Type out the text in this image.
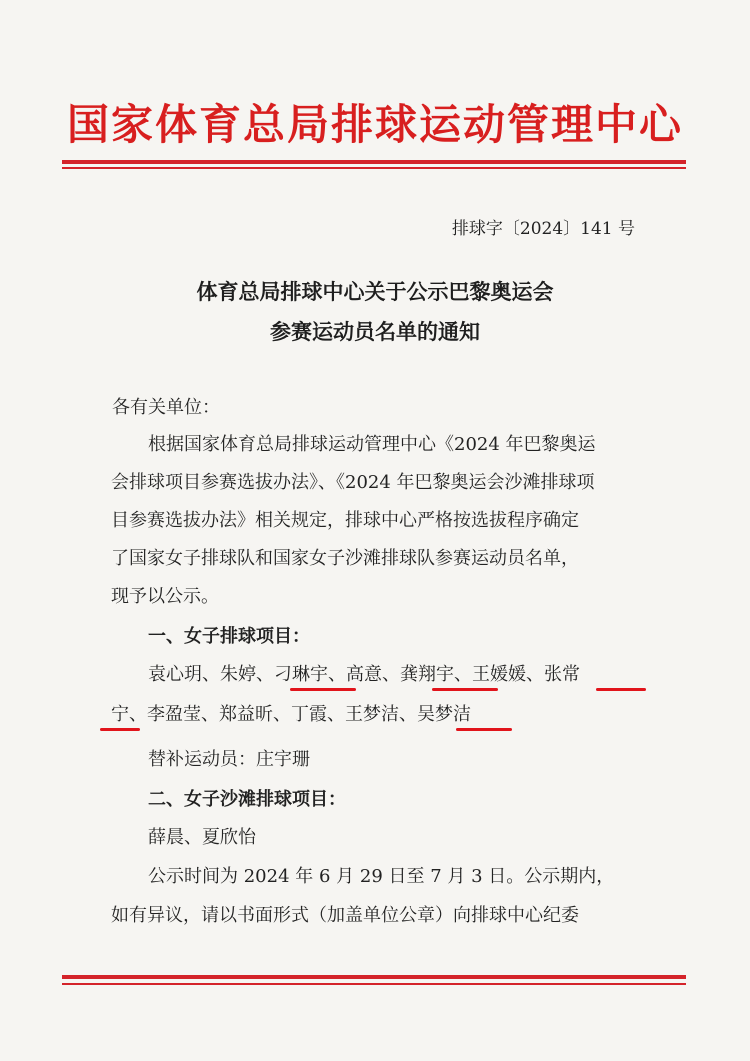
国家体育总局排球运动管理中心
排球字〔2024〕141 号
体育总局排球中心关于公示巴黎奥运会
参赛运动员名单的通知
各有关单位：
根据国家体育总局排球运动管理中心《2024 年巴黎奥运
会排球项目参赛选拔办法》、《2024 年巴黎奥运会沙滩排球项
目参赛选拔办法》相关规定，排球中心严格按选拔程序确定
了国家女子排球队和国家女子沙滩排球队参赛运动员名单，
现予以公示。
一、女子排球项目：
袁心玥、朱婷、刁琳宇、高意、龚翔宇、王媛媛、张常
宁、李盈莹、郑益昕、丁霞、王梦洁、吴梦洁
替补运动员：庄宇珊
二、女子沙滩排球项目：
薛晨、夏欣怡
公示时间为 2024 年 6 月 29 日至 7 月 3 日。公示期内，
如有异议，请以书面形式（加盖单位公章）向排球中心纪委
